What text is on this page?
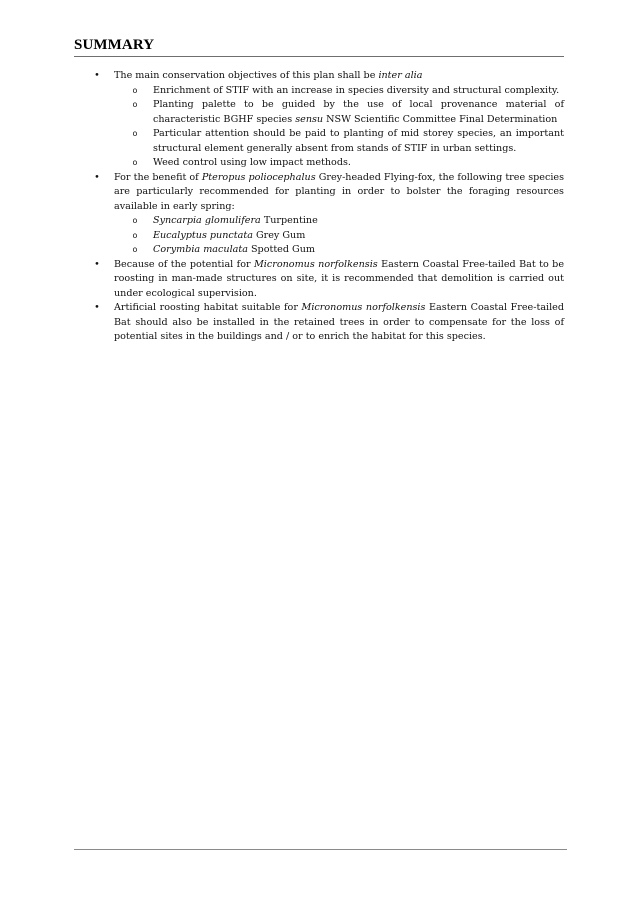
SUMMARY
• The main conservation objectives of this plan shall be inter alia
o Enrichment of STIF with an increase in species diversity and structural complexity.
o Planting palette to be guided by the use of local provenance material of characteristic BGHF species sensu NSW Scientific Committee Final Determination
o Particular attention should be paid to planting of mid storey species, an important structural element generally absent from stands of STIF in urban settings.
o Weed control using low impact methods.
• For the benefit of Pteropus poliocephalus Grey-headed Flying-fox, the following tree species are particularly recommended for planting in order to bolster the foraging resources available in early spring:
o Syncarpia glomulifera Turpentine
o Eucalyptus punctata Grey Gum
o Corymbia maculata Spotted Gum
• Because of the potential for Micronomus norfolkensis Eastern Coastal Free-tailed Bat to be roosting in man-made structures on site, it is recommended that demolition is carried out under ecological supervision.
• Artificial roosting habitat suitable for Micronomus norfolkensis Eastern Coastal Free-tailed Bat should also be installed in the retained trees in order to compensate for the loss of potential sites in the buildings and / or to enrich the habitat for this species.
